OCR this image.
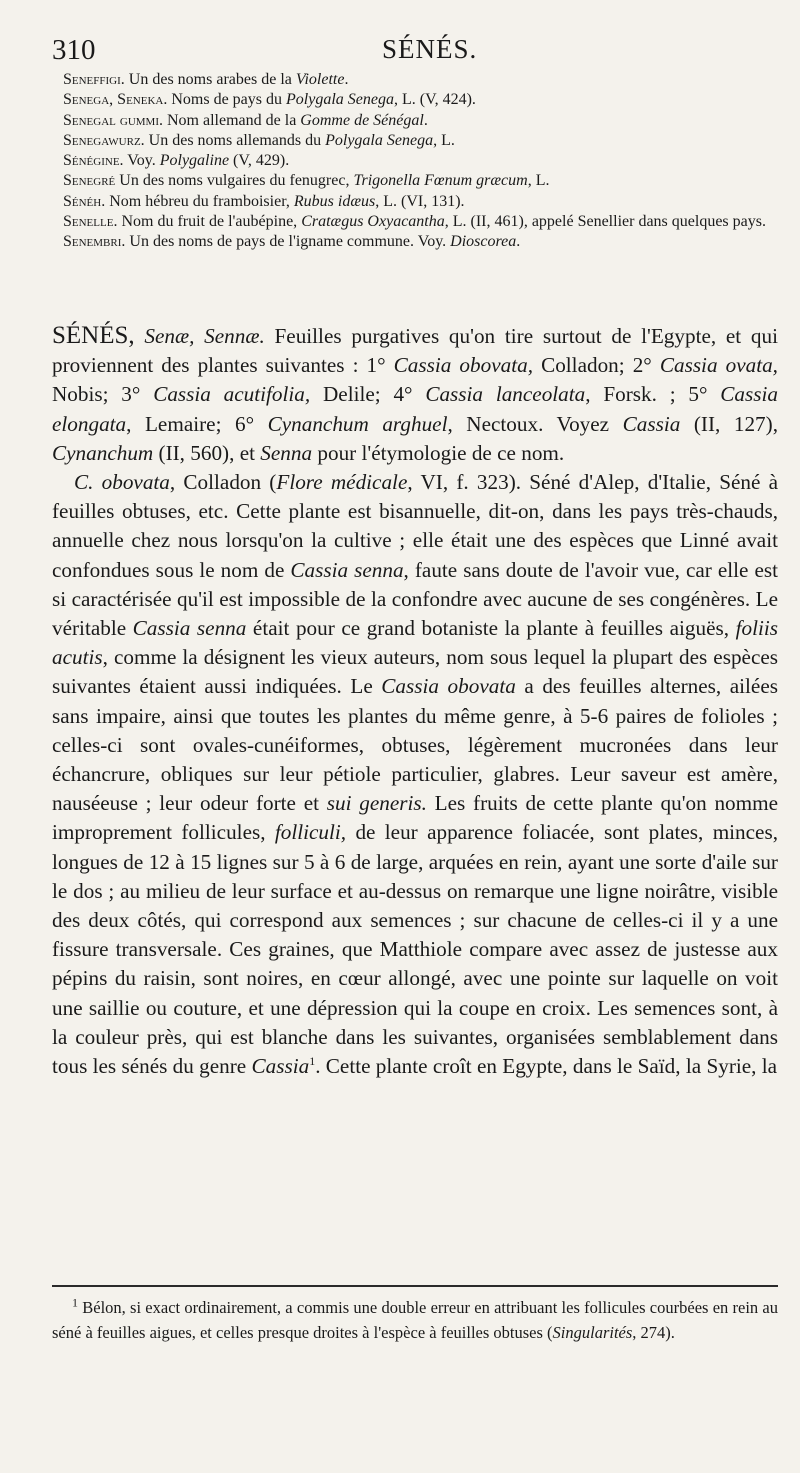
310	SÉNÉS.
Seneffigi. Un des noms arabes de la Violette.
Senega, Seneka. Noms de pays du Polygala Senega, L. (V, 424).
Senegal gummi. Nom allemand de la Gomme de Sénégal.
Senegawurz. Un des noms allemands du Polygala Senega, L.
Sénégine. Voy. Polygaline (V, 429).
Senegré Un des noms vulgaires du fenugrec, Trigonella Fœnum græcum, L.
Sénéh. Nom hébreu du framboisier, Rubus idæus, L. (VI, 131).
Senelle. Nom du fruit de l'aubépine, Cratægus Oxyacantha, L. (II, 461), appelé Senellier dans quelques pays.
Senembri. Un des noms de pays de l'igname commune. Voy. Dioscorea.

SÉNÉS, Senæ, Sennæ. Feuilles purgatives qu'on tire surtout de l'Egypte, et qui proviennent des plantes suivantes : 1° Cassia obovata, Colladon; 2° Cassia ovata, Nobis; 3° Cassia acutifolia, Delile; 4° Cassia lanceolata, Forsk. ; 5° Cassia elongata, Lemaire; 6° Cynanchum arghuel, Nectoux. Voyez Cassia (II, 127), Cynanchum (II, 560), et Senna pour l'étymologie de ce nom.

C. obovata, Colladon (Flore médicale, VI, f. 323). Séné d'Alep, d'Italie, Séné à feuilles obtuses, etc. Cette plante est bisannuelle, dit-on, dans les pays très-chauds, annuelle chez nous lorsqu'on la cultive ; elle était une des espèces que Linné avait confondues sous le nom de Cassia senna, faute sans doute de l'avoir vue, car elle est si caractérisée qu'il est impossible de la confondre avec aucune de ses congénères. Le véritable Cassia senna était pour ce grand botaniste la plante à feuilles aiguës, foliis acutis, comme la désignent les vieux auteurs, nom sous lequel la plupart des espèces suivantes étaient aussi indiquées. Le Cassia obovata a des feuilles alternes, ailées sans impaire, ainsi que toutes les plantes du même genre, à 5-6 paires de folioles ; celles-ci sont ovales-cunéiformes, obtuses, légèrement mucronées dans leur échancrure, obliques sur leur pétiole particulier, glabres. Leur saveur est amère, nauséeuse ; leur odeur forte et sui generis. Les fruits de cette plante qu'on nomme improprement follicules, folliculi, de leur apparence foliacée, sont plates, minces, longues de 12 à 15 lignes sur 5 à 6 de large, arquées en rein, ayant une sorte d'aile sur le dos ; au milieu de leur surface et au-dessus on remarque une ligne noirâtre, visible des deux côtés, qui correspond aux semences ; sur chacune de celles-ci il y a une fissure transversale. Ces graines, que Matthiole compare avec assez de justesse aux pépins du raisin, sont noires, en cœur allongé, avec une pointe sur laquelle on voit une saillie ou couture, et une dépression qui la coupe en croix. Les semences sont, à la couleur près, qui est blanche dans les suivantes, organisées semblablement dans tous les sénés du genre Cassia$^1$. Cette plante croît en Egypte, dans le Saïd, la Syrie, la

$^1$ Bélon, si exact ordinairement, a commis une double erreur en attribuant les follicules courbées en rein au séné à feuilles aigues, et celles presque droites à l'espèce à feuilles obtuses (Singularités, 274).
